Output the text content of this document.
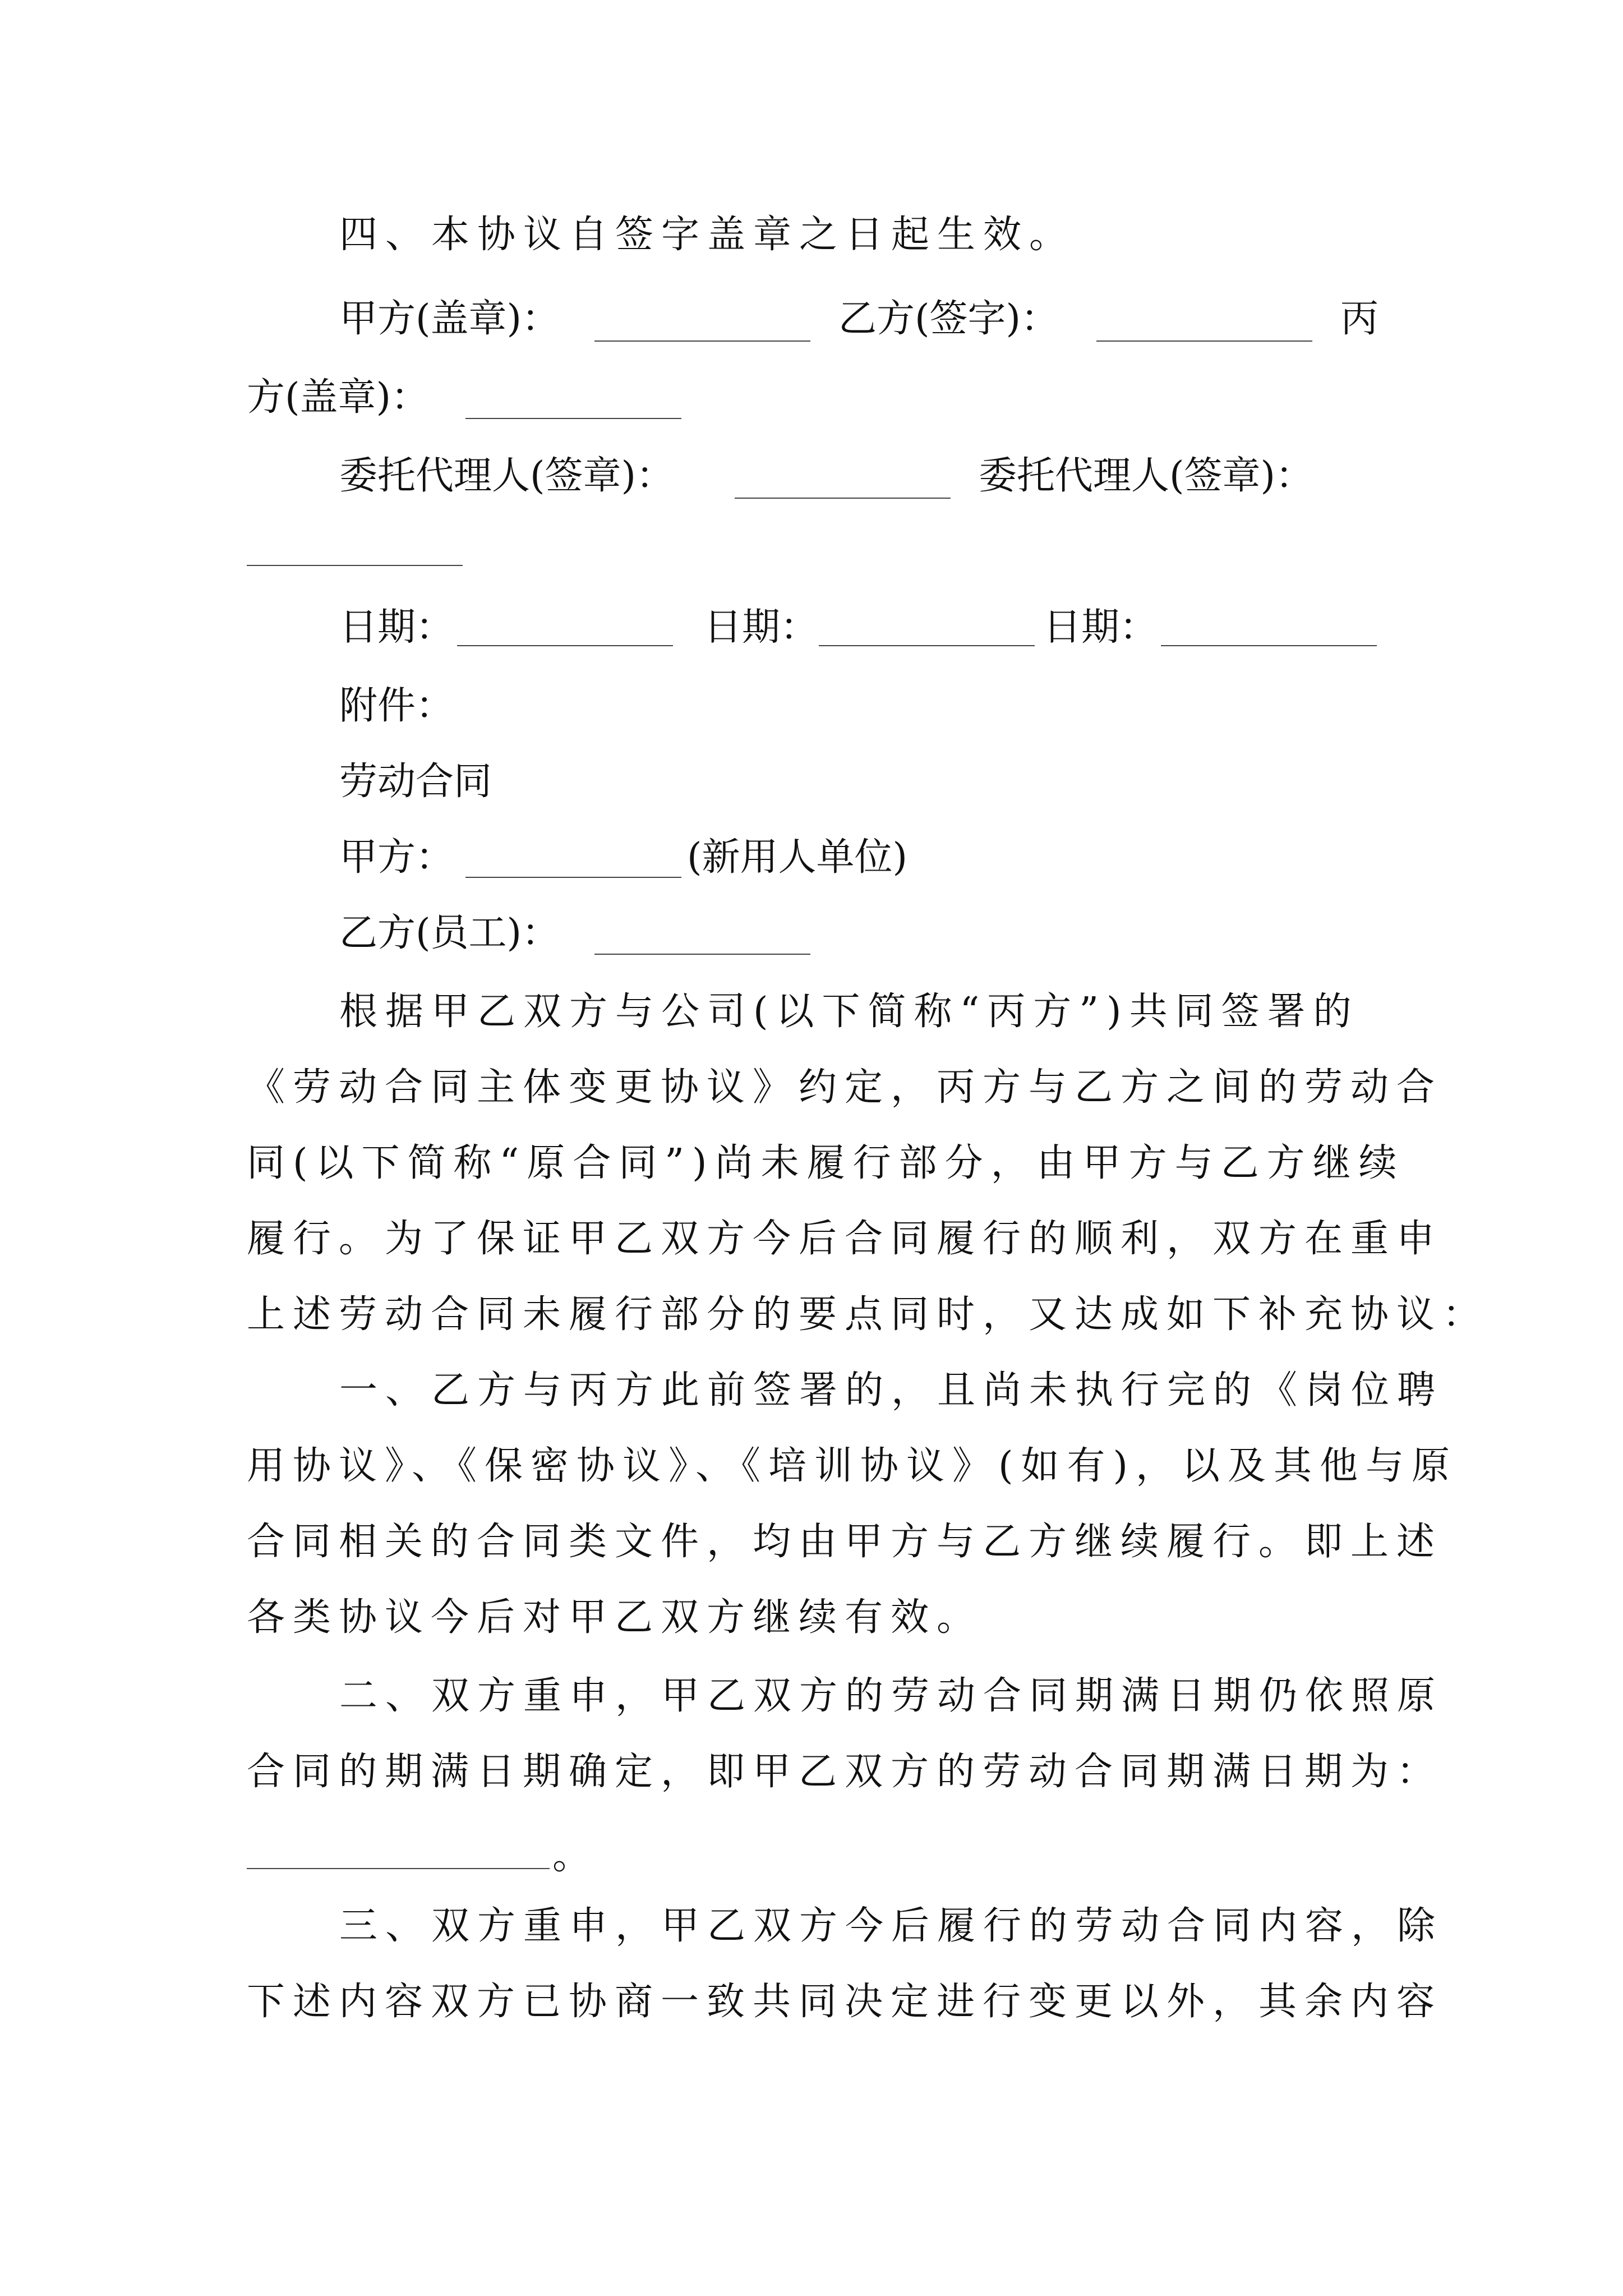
四、本协议自签字盖章之日起生效。
甲方(盖章)：	乙方(签字)：	丙
方(盖章)：
委托代理人(签章)：	委托代理人(签章)：
日期：	日期：	日期：
附件：
劳动合同
甲方：	(新用人单位)
乙方(员工)：
根据甲乙双方与公司(以下简称“丙方”)共同签署的
《劳动合同主体变更协议》约定，丙方与乙方之间的劳动合
同(以下简称“原合同”)尚未履行部分，由甲方与乙方继续
履行。为了保证甲乙双方今后合同履行的顺利，双方在重申
上述劳动合同未履行部分的要点同时，又达成如下补充协议：
一、乙方与丙方此前签署的，且尚未执行完的《岗位聘
用协议》、《保密协议》、《培训协议》(如有)，以及其他与原
合同相关的合同类文件，均由甲方与乙方继续履行。即上述
各类协议今后对甲乙双方继续有效。
二、双方重申，甲乙双方的劳动合同期满日期仍依照原
合同的期满日期确定，即甲乙双方的劳动合同期满日期为：
。
三、双方重申，甲乙双方今后履行的劳动合同内容，除
下述内容双方已协商一致共同决定进行变更以外，其余内容
